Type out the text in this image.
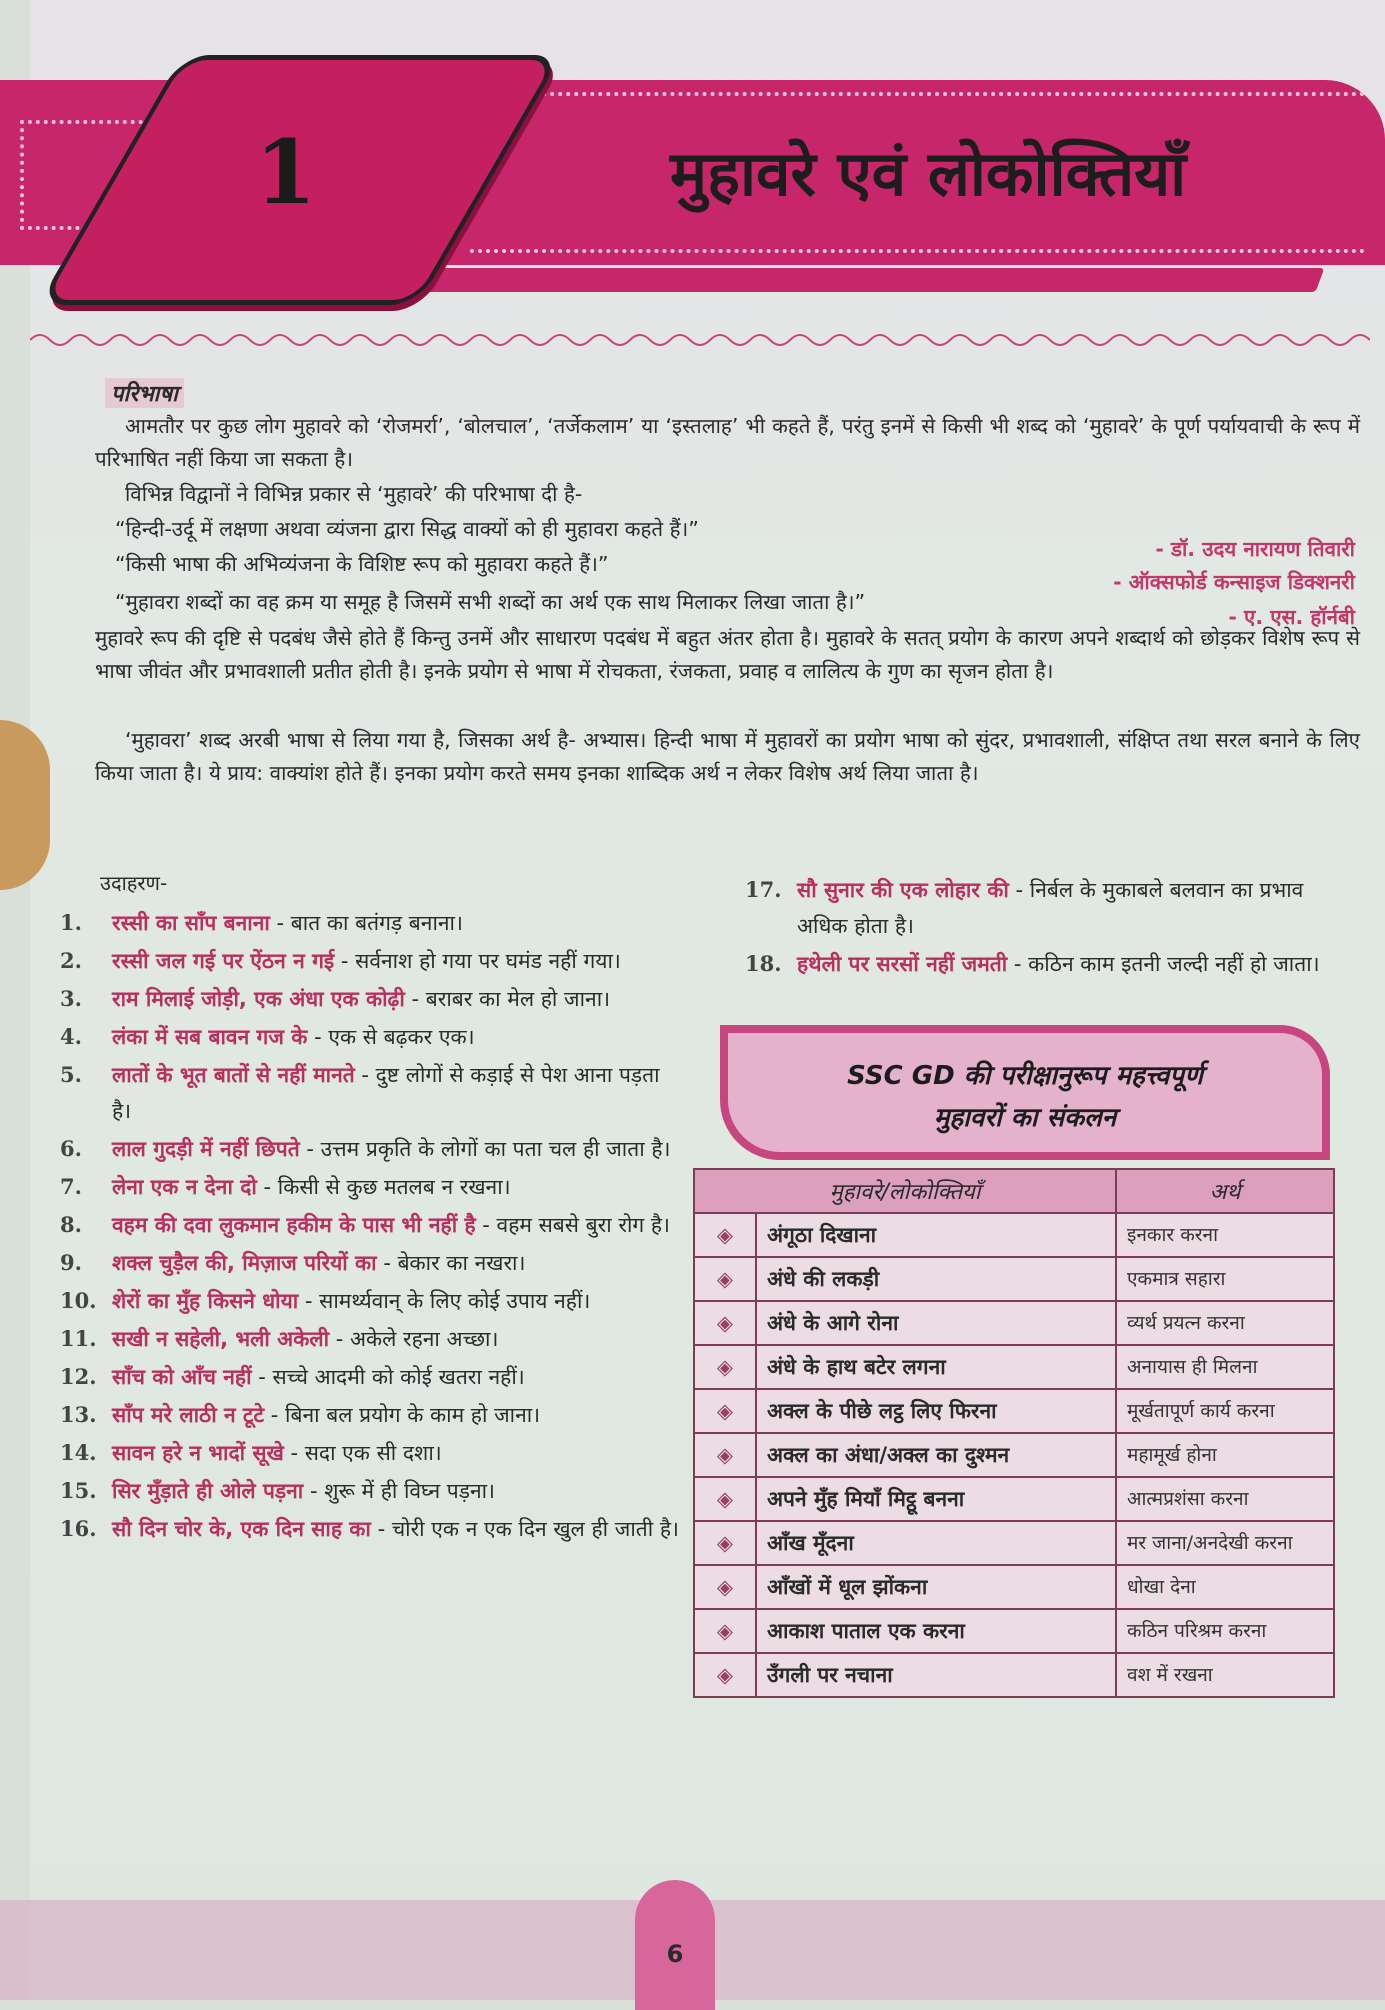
1	मुहावरे एवं लोकोक्तियाँ
परिभाषा
आमतौर पर कुछ लोग मुहावरे को ‘रोजमर्रा’, ‘बोलचाल’, ‘तर्जेकलाम’ या ‘इस्तलाह’ भी कहते हैं, परंतु इनमें से किसी भी शब्द को ‘मुहावरे’ के पूर्ण पर्यायवाची के रूप में परिभाषित नहीं किया जा सकता है।
विभिन्न विद्वानों ने विभिन्न प्रकार से ‘मुहावरे’ की परिभाषा दी है-
“हिन्दी-उर्दू में लक्षणा अथवा व्यंजना द्वारा सिद्ध वाक्यों को ही मुहावरा कहते हैं।”
- डॉ. उदय नारायण तिवारी
“किसी भाषा की अभिव्यंजना के विशिष्ट रूप को मुहावरा कहते हैं।”
- ऑक्सफोर्ड कन्साइज डिक्शनरी
“मुहावरा शब्दों का वह क्रम या समूह है जिसमें सभी शब्दों का अर्थ एक साथ मिलाकर लिखा जाता है।”
- ए. एस. हॉर्नबी
मुहावरे रूप की दृष्टि से पदबंध जैसे होते हैं किन्तु उनमें और साधारण पदबंध में बहुत अंतर होता है। मुहावरे के सतत् प्रयोग के कारण अपने शब्दार्थ को छोड़कर विशेष रूप से भाषा जीवंत और प्रभावशाली प्रतीत होती है। इनके प्रयोग से भाषा में रोचकता, रंजकता, प्रवाह व लालित्य के गुण का सृजन होता है।
‘मुहावरा’ शब्द अरबी भाषा से लिया गया है, जिसका अर्थ है- अभ्यास। हिन्दी भाषा में मुहावरों का प्रयोग भाषा को सुंदर, प्रभावशाली, संक्षिप्त तथा सरल बनाने के लिए किया जाता है। ये प्राय: वाक्यांश होते हैं। इनका प्रयोग करते समय इनका शाब्दिक अर्थ न लेकर विशेष अर्थ लिया जाता है।
उदाहरण-
1. रस्सी का साँप बनाना - बात का बतंगड़ बनाना।
2. रस्सी जल गई पर ऐंठन न गई - सर्वनाश हो गया पर घमंड नहीं गया।
3. राम मिलाई जोड़ी, एक अंधा एक कोढ़ी - बराबर का मेल हो जाना।
4. लंका में सब बावन गज के - एक से बढ़कर एक।
5. लातों के भूत बातों से नहीं मानते - दुष्ट लोगों से कड़ाई से पेश आना पड़ता है।
6. लाल गुदड़ी में नहीं छिपते - उत्तम प्रकृति के लोगों का पता चल ही जाता है।
7. लेना एक न देना दो - किसी से कुछ मतलब न रखना।
8. वहम की दवा लुकमान हकीम के पास भी नहीं है - वहम सबसे बुरा रोग है।
9. शक्ल चुड़ैल की, मिज़ाज परियों का - बेकार का नखरा।
10. शेरों का मुँह किसने धोया - सामर्थ्यवान् के लिए कोई उपाय नहीं।
11. सखी न सहेली, भली अकेली - अकेले रहना अच्छा।
12. साँच को आँच नहीं - सच्चे आदमी को कोई खतरा नहीं।
13. साँप मरे लाठी न टूटे - बिना बल प्रयोग के काम हो जाना।
14. सावन हरे न भादों सूखे - सदा एक सी दशा।
15. सिर मुँड़ाते ही ओले पड़ना - शुरू में ही विघ्न पड़ना।
16. सौ दिन चोर के, एक दिन साह का - चोरी एक न एक दिन खुल ही जाती है।
17. सौ सुनार की एक लोहार की - निर्बल के मुकाबले बलवान का प्रभाव अधिक होता है।
18. हथेली पर सरसों नहीं जमती - कठिन काम इतनी जल्दी नहीं हो जाता।
SSC GD की परीक्षानुरूप महत्त्वपूर्ण
मुहावरों का संकलन
मुहावरे/लोकोक्तियाँ		अर्थ
◈	अंगूठा दिखाना	इनकार करना
◈	अंधे की लकड़ी	एकमात्र सहारा
◈	अंधे के आगे रोना	व्यर्थ प्रयत्न करना
◈	अंधे के हाथ बटेर लगना	अनायास ही मिलना
◈	अक्ल के पीछे लट्ठ लिए फिरना	मूर्खतापूर्ण कार्य करना
◈	अक्ल का अंधा/अक्ल का दुश्मन	महामूर्ख होना
◈	अपने मुँह मियाँ मिट्ठू बनना	आत्मप्रशंसा करना
◈	आँख मूँदना	मर जाना/अनदेखी करना
◈	आँखों में धूल झोंकना	धोखा देना
◈	आकाश पाताल एक करना	कठिन परिश्रम करना
◈	उँगली पर नचाना	वश में रखना
6
